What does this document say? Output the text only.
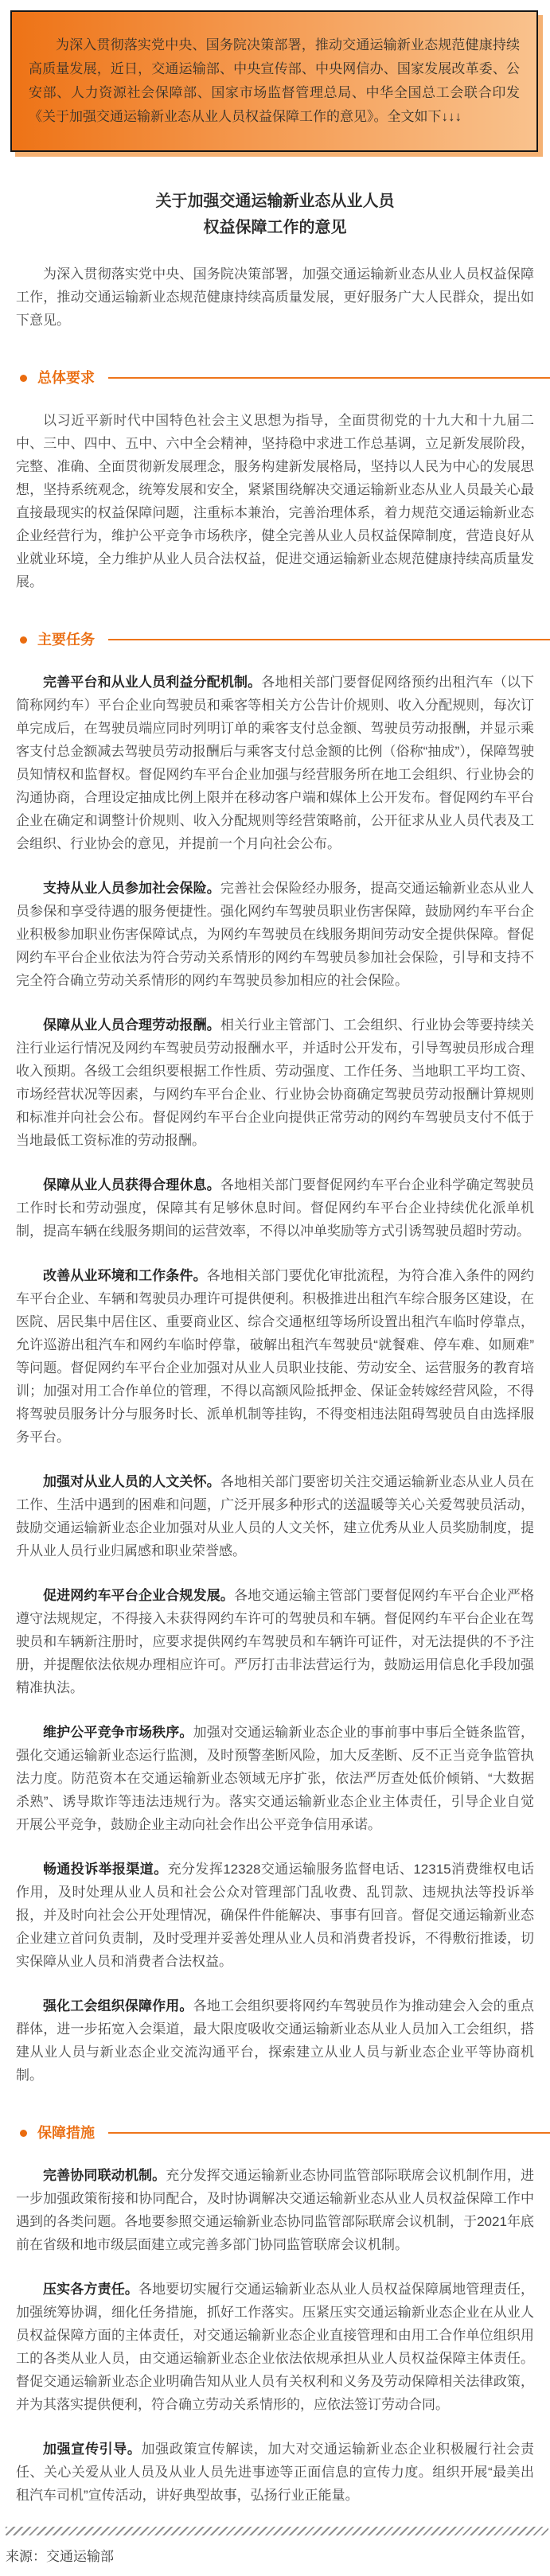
为深入贯彻落实党中央、国务院决策部署，推动交通运输新业态规范健康持续高质量发展，近日，交通运输部、中央宣传部、中央网信办、国家发展改革委、公安部、人力资源社会保障部、国家市场监督管理总局、中华全国总工会联合印发《关于加强交通运输新业态从业人员权益保障工作的意见》。全文如下↓↓↓

关于加强交通运输新业态从业人员
权益保障工作的意见

为深入贯彻落实党中央、国务院决策部署，加强交通运输新业态从业人员权益保障工作，推动交通运输新业态规范健康持续高质量发展，更好服务广大人民群众，提出如下意见。

总体要求

以习近平新时代中国特色社会主义思想为指导，全面贯彻党的十九大和十九届二中、三中、四中、五中、六中全会精神，坚持稳中求进工作总基调，立足新发展阶段，完整、准确、全面贯彻新发展理念，服务构建新发展格局，坚持以人民为中心的发展思想，坚持系统观念，统筹发展和安全，紧紧围绕解决交通运输新业态从业人员最关心最直接最现实的权益保障问题，注重标本兼治，完善治理体系，着力规范交通运输新业态企业经营行为，维护公平竞争市场秩序，健全完善从业人员权益保障制度，营造良好从业就业环境，全力维护从业人员合法权益，促进交通运输新业态规范健康持续高质量发展。

主要任务

完善平台和从业人员利益分配机制。各地相关部门要督促网络预约出租汽车（以下简称网约车）平台企业向驾驶员和乘客等相关方公告计价规则、收入分配规则，每次订单完成后，在驾驶员端应同时列明订单的乘客支付总金额、驾驶员劳动报酬，并显示乘客支付总金额减去驾驶员劳动报酬后与乘客支付总金额的比例（俗称“抽成”），保障驾驶员知情权和监督权。督促网约车平台企业加强与经营服务所在地工会组织、行业协会的沟通协商，合理设定抽成比例上限并在移动客户端和媒体上公开发布。督促网约车平台企业在确定和调整计价规则、收入分配规则等经营策略前，公开征求从业人员代表及工会组织、行业协会的意见，并提前一个月向社会公布。

支持从业人员参加社会保险。完善社会保险经办服务，提高交通运输新业态从业人员参保和享受待遇的服务便捷性。强化网约车驾驶员职业伤害保障，鼓励网约车平台企业积极参加职业伤害保障试点，为网约车驾驶员在线服务期间劳动安全提供保障。督促网约车平台企业依法为符合劳动关系情形的网约车驾驶员参加社会保险，引导和支持不完全符合确立劳动关系情形的网约车驾驶员参加相应的社会保险。

保障从业人员合理劳动报酬。相关行业主管部门、工会组织、行业协会等要持续关注行业运行情况及网约车驾驶员劳动报酬水平，并适时公开发布，引导驾驶员形成合理收入预期。各级工会组织要根据工作性质、劳动强度、工作任务、当地职工平均工资、市场经营状况等因素，与网约车平台企业、行业协会协商确定驾驶员劳动报酬计算规则和标准并向社会公布。督促网约车平台企业向提供正常劳动的网约车驾驶员支付不低于当地最低工资标准的劳动报酬。

保障从业人员获得合理休息。各地相关部门要督促网约车平台企业科学确定驾驶员工作时长和劳动强度，保障其有足够休息时间。督促网约车平台企业持续优化派单机制，提高车辆在线服务期间的运营效率，不得以冲单奖励等方式引诱驾驶员超时劳动。

改善从业环境和工作条件。各地相关部门要优化审批流程，为符合准入条件的网约车平台企业、车辆和驾驶员办理许可提供便利。积极推进出租汽车综合服务区建设，在医院、居民集中居住区、重要商业区、综合交通枢纽等场所设置出租汽车临时停靠点，允许巡游出租汽车和网约车临时停靠，破解出租汽车驾驶员“就餐难、停车难、如厕难”等问题。督促网约车平台企业加强对从业人员职业技能、劳动安全、运营服务的教育培训；加强对用工合作单位的管理，不得以高额风险抵押金、保证金转嫁经营风险，不得将驾驶员服务计分与服务时长、派单机制等挂钩，不得变相违法阻碍驾驶员自由选择服务平台。

加强对从业人员的人文关怀。各地相关部门要密切关注交通运输新业态从业人员在工作、生活中遇到的困难和问题，广泛开展多种形式的送温暖等关心关爱驾驶员活动，鼓励交通运输新业态企业加强对从业人员的人文关怀，建立优秀从业人员奖励制度，提升从业人员行业归属感和职业荣誉感。

促进网约车平台企业合规发展。各地交通运输主管部门要督促网约车平台企业严格遵守法规规定，不得接入未获得网约车许可的驾驶员和车辆。督促网约车平台企业在驾驶员和车辆新注册时，应要求提供网约车驾驶员和车辆许可证件，对无法提供的不予注册，并提醒依法依规办理相应许可。严厉打击非法营运行为，鼓励运用信息化手段加强精准执法。

维护公平竞争市场秩序。加强对交通运输新业态企业的事前事中事后全链条监管，强化交通运输新业态运行监测，及时预警垄断风险，加大反垄断、反不正当竞争监管执法力度。防范资本在交通运输新业态领域无序扩张，依法严厉查处低价倾销、“大数据杀熟”、诱导欺诈等违法违规行为。落实交通运输新业态企业主体责任，引导企业自觉开展公平竞争，鼓励企业主动向社会作出公平竞争信用承诺。

畅通投诉举报渠道。充分发挥12328交通运输服务监督电话、12315消费维权电话作用，及时处理从业人员和社会公众对管理部门乱收费、乱罚款、违规执法等投诉举报，并及时向社会公开处理情况，确保件件能解决、事事有回音。督促交通运输新业态企业建立首问负责制，及时受理并妥善处理从业人员和消费者投诉，不得敷衍推诿，切实保障从业人员和消费者合法权益。

强化工会组织保障作用。各地工会组织要将网约车驾驶员作为推动建会入会的重点群体，进一步拓宽入会渠道，最大限度吸收交通运输新业态从业人员加入工会组织，搭建从业人员与新业态企业交流沟通平台，探索建立从业人员与新业态企业平等协商机制。

保障措施

完善协同联动机制。充分发挥交通运输新业态协同监管部际联席会议机制作用，进一步加强政策衔接和协同配合，及时协调解决交通运输新业态从业人员权益保障工作中遇到的各类问题。各地要参照交通运输新业态协同监管部际联席会议机制，于2021年底前在省级和地市级层面建立或完善多部门协同监管联席会议机制。

压实各方责任。各地要切实履行交通运输新业态从业人员权益保障属地管理责任，加强统筹协调，细化任务措施，抓好工作落实。压紧压实交通运输新业态企业在从业人员权益保障方面的主体责任，对交通运输新业态企业直接管理和由用工合作单位组织用工的各类从业人员，由交通运输新业态企业依法依规承担从业人员权益保障主体责任。督促交通运输新业态企业明确告知从业人员有关权利和义务及劳动保障相关法律政策，并为其落实提供便利，符合确立劳动关系情形的，应依法签订劳动合同。

加强宣传引导。加强政策宣传解读，加大对交通运输新业态企业积极履行社会责任、关心关爱从业人员及从业人员先进事迹等正面信息的宣传力度。组织开展“最美出租汽车司机”宣传活动，讲好典型故事，弘扬行业正能量。

来源：交通运输部
